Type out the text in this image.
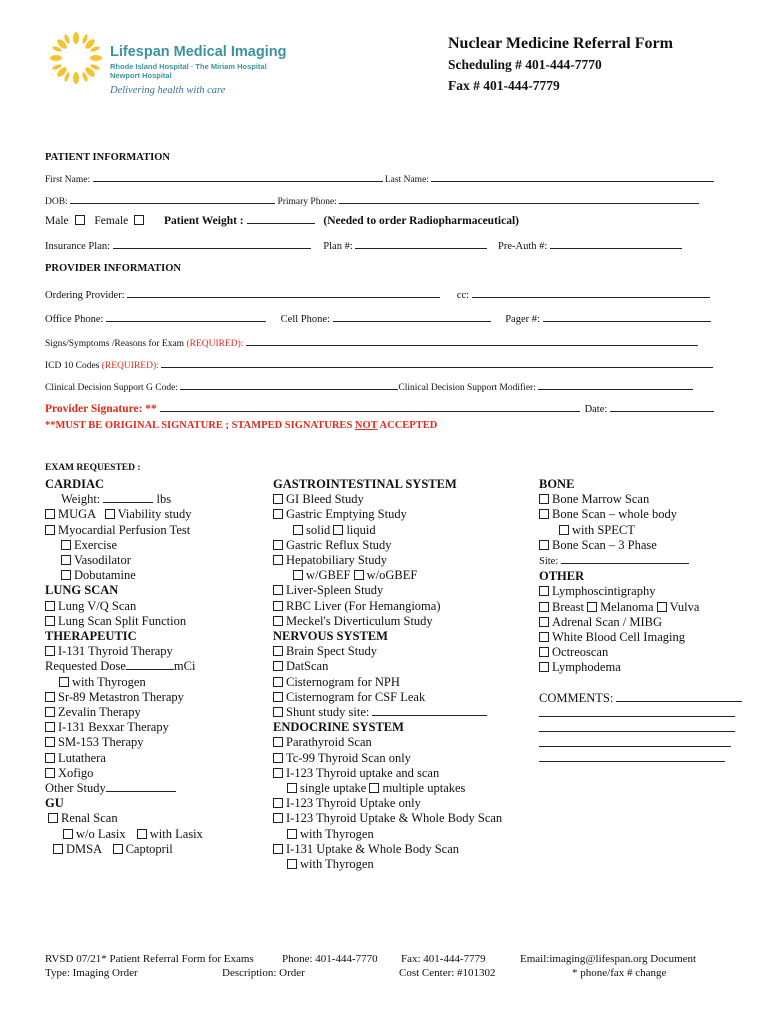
Lifespan Medical Imaging
Rhode Island Hospital · The Miriam Hospital
Newport Hospital
Delivering health with care
Nuclear Medicine Referral Form
Scheduling # 401-444-7770
Fax # 401-444-7779
PATIENT INFORMATION
First Name:	Last Name:
DOB:	Primary Phone:
Male Female	Patient Weight :	(Needed to order Radiopharmaceutical)
Insurance Plan:	Plan #:	Pre-Auth #:
PROVIDER INFORMATION
Ordering Provider:	cc:
Office Phone:	Cell Phone:	Pager #:
Signs/Symptoms /Reasons for Exam (REQUIRED):
ICD 10 Codes (REQUIRED):
Clinical Decision Support G Code:	Clinical Decision Support Modifier:
Provider Signature: **	Date:
**MUST BE ORIGINAL SIGNATURE ; STAMPED SIGNATURES NOT ACCEPTED
EXAM REQUESTED :
CARDIAC
Weight:	lbs
MUGA Viability study
Myocardial Perfusion Test
Exercise
Vasodilator
Dobutamine
LUNG SCAN
Lung V/Q Scan
Lung Scan Split Function
THERAPEUTIC
I-131 Thyroid Therapy
Requested Dose	mCi
with Thyrogen
Sr-89 Metastron Therapy
Zevalin Therapy
I-131 Bexxar Therapy
SM-153 Therapy
Lutathera
Xofigo
Other Study
GU
Renal Scan
w/o Lasix with Lasix
DMSA Captopril
GASTROINTESTINAL SYSTEM
GI Bleed Study
Gastric Emptying Study
solid liquid
Gastric Reflux Study
Hepatobiliary Study
w/GBEF w/oGBEF
Liver-Spleen Study
RBC Liver (For Hemangioma)
Meckel's Diverticulum Study
NERVOUS SYSTEM
Brain Spect Study
DatScan
Cisternogram for NPH
Cisternogram for CSF Leak
Shunt study site:
ENDOCRINE SYSTEM
Parathyroid Scan
Tc-99 Thyroid Scan only
I-123 Thyroid uptake and scan
single uptake multiple uptakes
I-123 Thyroid Uptake only
I-123 Thyroid Uptake & Whole Body Scan
with Thyrogen
I-131 Uptake & Whole Body Scan
with Thyrogen
BONE
Bone Marrow Scan
Bone Scan – whole body
with SPECT
Bone Scan – 3 Phase
Site:
OTHER
Lymphoscintigraphy
Breast Melanoma Vulva
Adrenal Scan / MIBG
White Blood Cell Imaging
Octreoscan
Lymphodema
COMMENTS:
RVSD 07/21* Patient Referral Form for Exams	Phone: 401-444-7770 Fax: 401-444-7779	Email:imaging@lifespan.org Document
Type: Imaging Order	Description: Order	Cost Center: #101302	* phone/fax # change
